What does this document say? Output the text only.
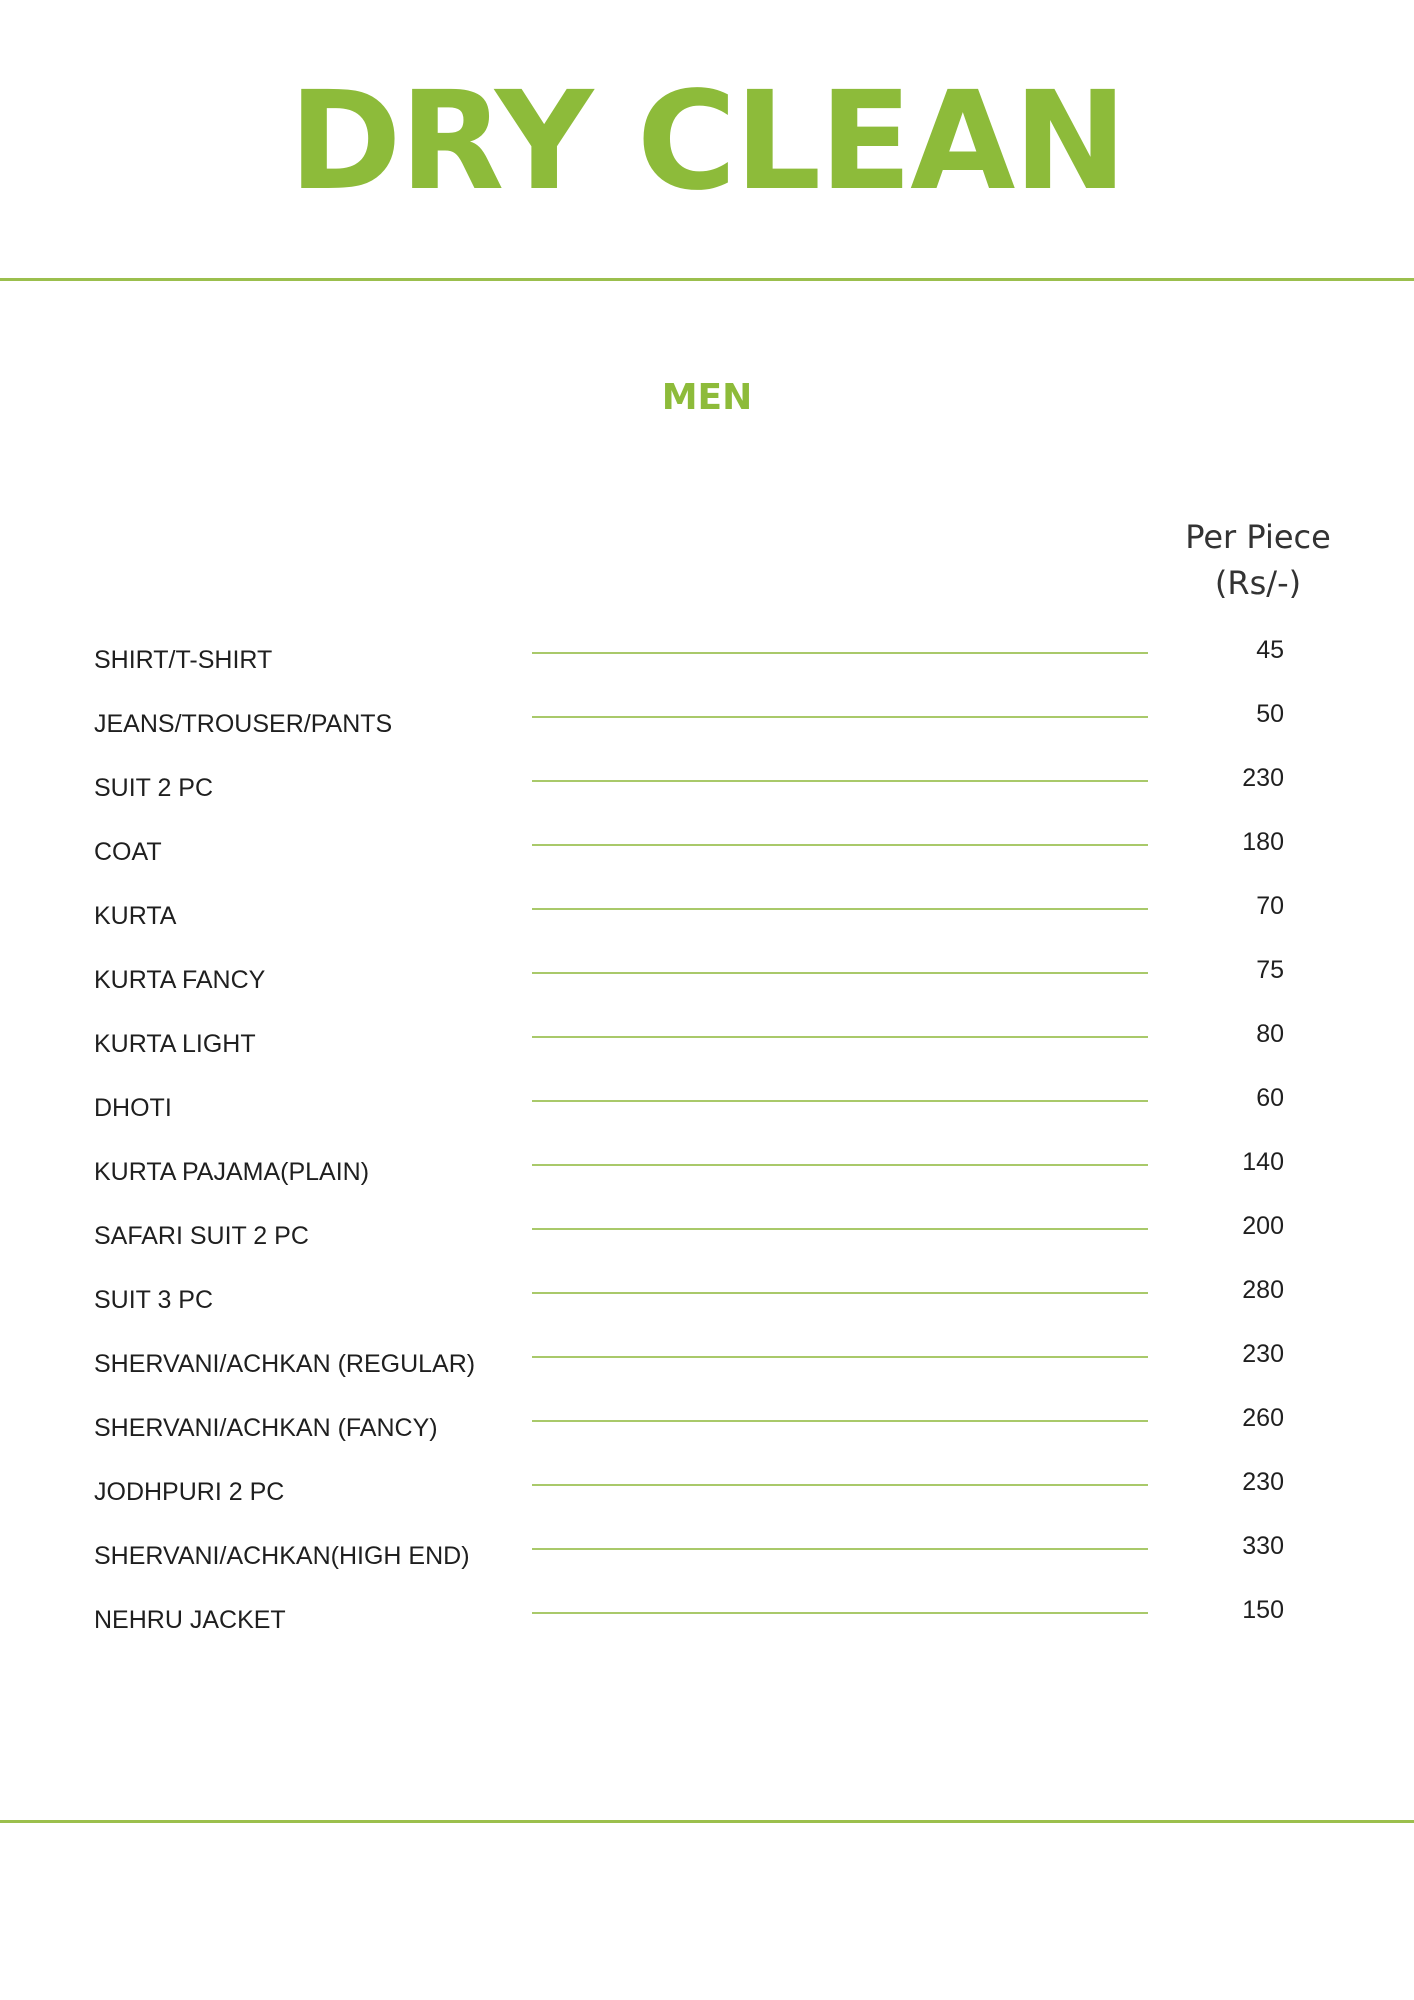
DRY CLEAN
MEN
Per Piece
(Rs/-)
SHIRT/T-SHIRT	45
JEANS/TROUSER/PANTS	50
SUIT 2 PC	230
COAT	180
KURTA	70
KURTA FANCY	75
KURTA LIGHT	80
DHOTI	60
KURTA PAJAMA(PLAIN)	140
SAFARI SUIT 2 PC	200
SUIT 3 PC	280
SHERVANI/ACHKAN (REGULAR)	230
SHERVANI/ACHKAN (FANCY)	260
JODHPURI 2 PC	230
SHERVANI/ACHKAN(HIGH END)	330
NEHRU JACKET	150
